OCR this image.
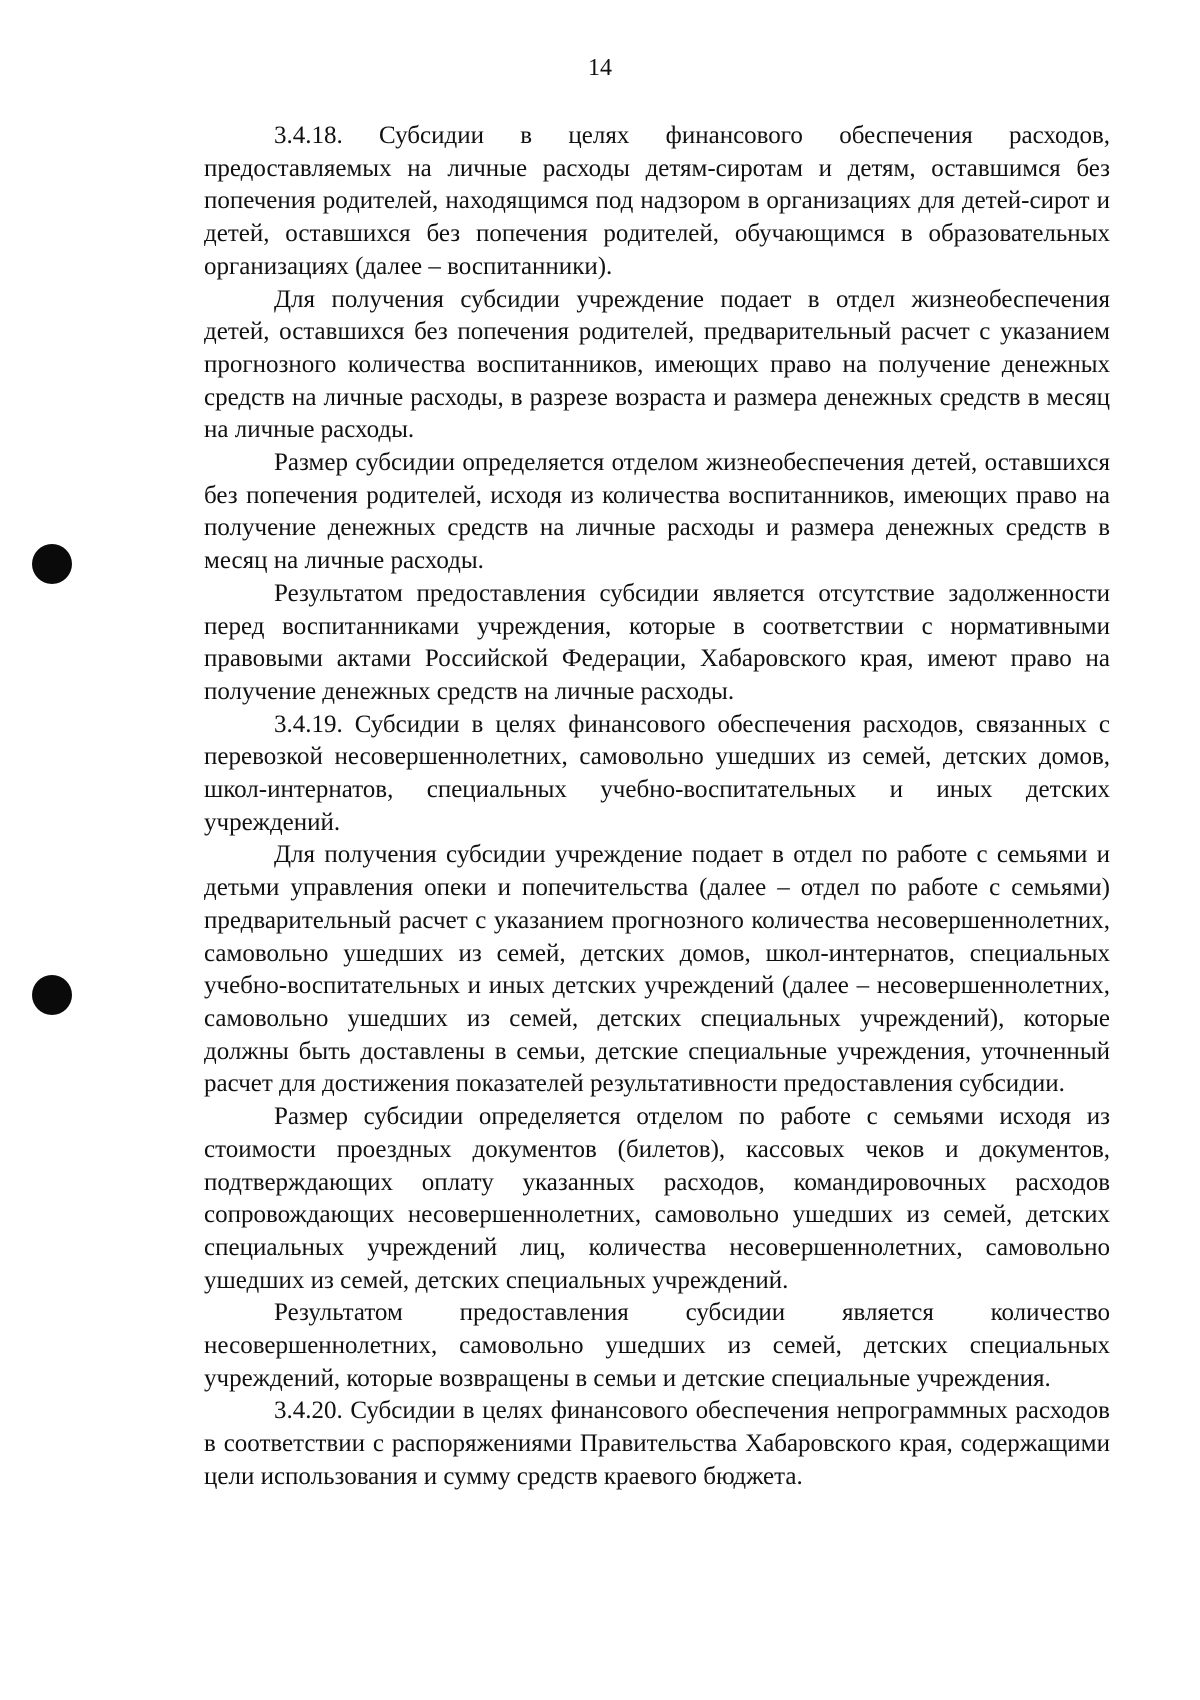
14

3.4.18. Субсидии в целях финансового обеспечения расходов, предоставляемых на личные расходы детям-сиротам и детям, оставшимся без попечения родителей, находящимся под надзором в организациях для детей-сирот и детей, оставшихся без попечения родителей, обучающимся в образовательных организациях (далее – воспитанники).

Для получения субсидии учреждение подает в отдел жизнеобеспечения детей, оставшихся без попечения родителей, предварительный расчет с указанием прогнозного количества воспитанников, имеющих право на получение денежных средств на личные расходы, в разрезе возраста и размера денежных средств в месяц на личные расходы.

Размер субсидии определяется отделом жизнеобеспечения детей, оставшихся без попечения родителей, исходя из количества воспитанников, имеющих право на получение денежных средств на личные расходы и размера денежных средств в месяц на личные расходы.

Результатом предоставления субсидии является отсутствие задолженности перед воспитанниками учреждения, которые в соответствии с нормативными правовыми актами Российской Федерации, Хабаровского края, имеют право на получение денежных средств на личные расходы.

3.4.19. Субсидии в целях финансового обеспечения расходов, связанных с перевозкой несовершеннолетних, самовольно ушедших из семей, детских домов, школ-интернатов, специальных учебно-воспитательных и иных детских учреждений.

Для получения субсидии учреждение подает в отдел по работе с семьями и детьми управления опеки и попечительства (далее – отдел по работе с семьями) предварительный расчет с указанием прогнозного количества несовершеннолетних, самовольно ушедших из семей, детских домов, школ-интернатов, специальных учебно-воспитательных и иных детских учреждений (далее – несовершеннолетних, самовольно ушедших из семей, детских специальных учреждений), которые должны быть доставлены в семьи, детские специальные учреждения, уточненный расчет для достижения показателей результативности предоставления субсидии.

Размер субсидии определяется отделом по работе с семьями исходя из стоимости проездных документов (билетов), кассовых чеков и документов, подтверждающих оплату указанных расходов, командировочных расходов сопровождающих несовершеннолетних, самовольно ушедших из семей, детских специальных учреждений лиц, количества несовершеннолетних, самовольно ушедших из семей, детских специальных учреждений.

Результатом предоставления субсидии является количество несовершеннолетних, самовольно ушедших из семей, детских специальных учреждений, которые возвращены в семьи и детские специальные учреждения.

3.4.20. Субсидии в целях финансового обеспечения непрограммных расходов в соответствии с распоряжениями Правительства Хабаровского края, содержащими цели использования и сумму средств краевого бюджета.
